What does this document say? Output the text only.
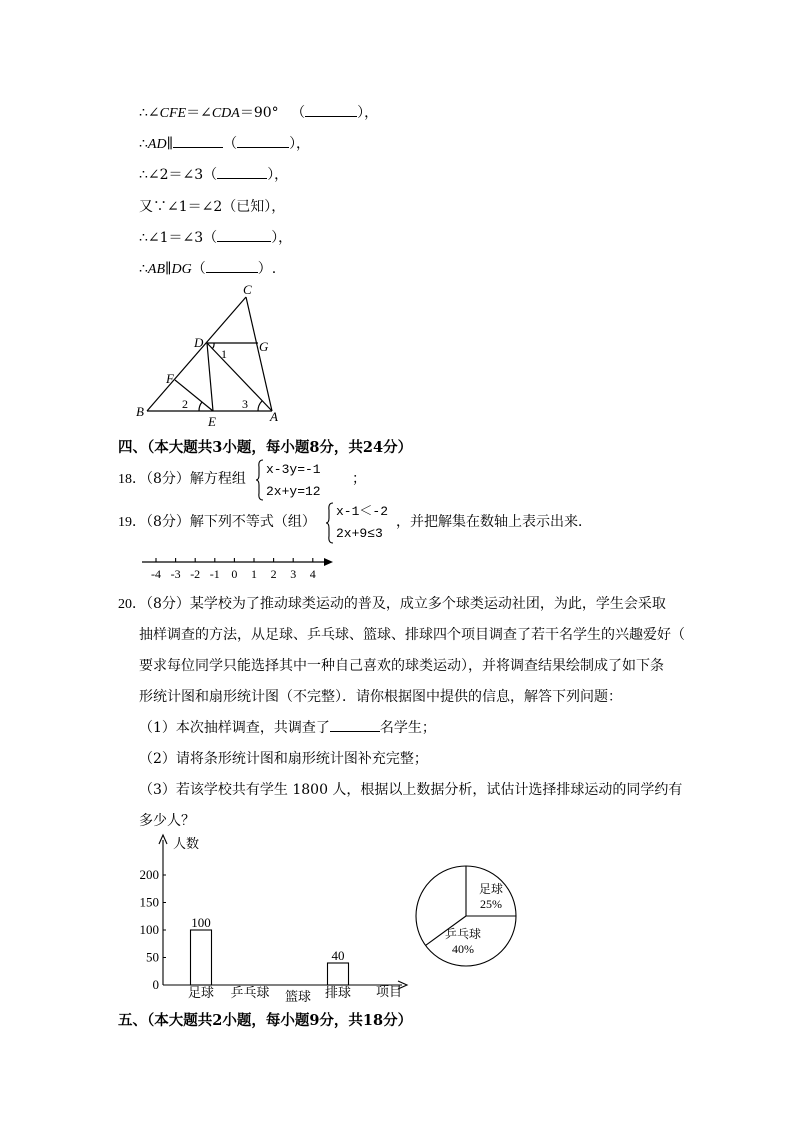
∴∠CFE＝∠CDA＝90° （	），
∴AD∥	（	），
∴∠2＝∠3（	），
又∵∠1＝∠2（已知），
∴∠1＝∠3（	），
∴AB∥DG（	）.
C
D	G
F
B
E	A
1
2	3
四、（本大题共3小题，每小题8分，共24分）
18．（8分）解方程组
x-3y=-1
2x+y=12
；
19．（8分）解下列不等式（组）
x-1＜-2
2x+9≤3
，并把解集在数轴上表示出来．
-4 -3 -2 -1 0 1 2 3 4
20．（8分）某学校为了推动球类运动的普及，成立多个球类运动社团，为此，学生会采取
抽样调查的方法，从足球、乒乓球、篮球、排球四个项目调查了若干名学生的兴趣爱好（
要求每位同学只能选择其中一种自己喜欢的球类运动），并将调查结果绘制成了如下条
形统计图和扇形统计图（不完整）．请你根据图中提供的信息，解答下列问题：
（1）本次抽样调查，共调查了	名学生；
（2）请将条形统计图和扇形统计图补充完整；
（3）若该学校共有学生 1800 人，根据以上数据分析，试估计选择排球运动的同学约有
多少人？
人数
项目
0
50
100
150
200
100
40
足球 乒乓球 篮球 排球
足球
25%
乒乓球
40%
五、（本大题共2小题，每小题9分，共18分）
